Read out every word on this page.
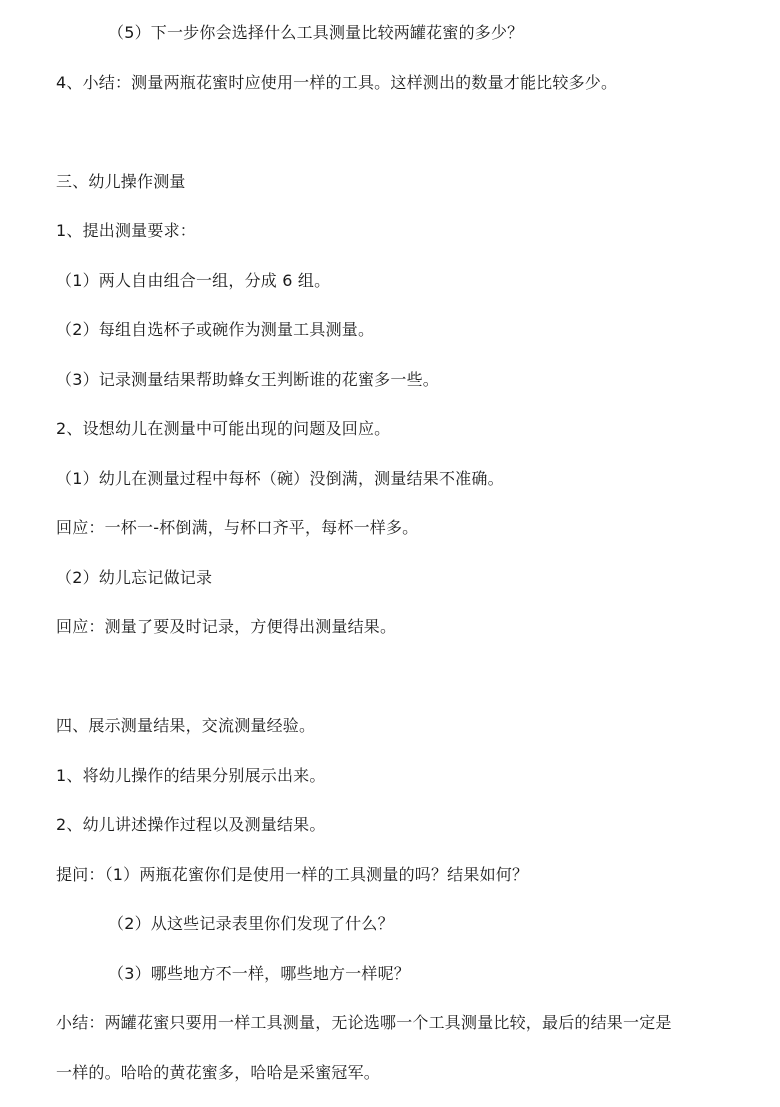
（5）下一步你会选择什么工具测量比较两罐花蜜的多少？
4、小结：测量两瓶花蜜时应使用一样的工具。这样测出的数量才能比较多少。
三、幼儿操作测量
1、提出测量要求：
（1）两人自由组合一组，分成 6 组。
（2）每组自选杯子或碗作为测量工具测量。
（3）记录测量结果帮助蜂女王判断谁的花蜜多一些。
2、设想幼儿在测量中可能出现的问题及回应。
（1）幼儿在测量过程中每杯（碗）没倒满，测量结果不准确。
回应：一杯一-杯倒满，与杯口齐平，每杯一样多。
（2）幼儿忘记做记录
回应：测量了要及时记录，方便得出测量结果。
四、展示测量结果，交流测量经验。
1、将幼儿操作的结果分别展示出来。
2、幼儿讲述操作过程以及测量结果。
提问：（1）两瓶花蜜你们是使用一样的工具测量的吗？结果如何？
（2）从这些记录表里你们发现了什么？
（3）哪些地方不一样，哪些地方一样呢？
小结：两罐花蜜只要用一样工具测量，无论选哪一个工具测量比较，最后的结果一定是
一样的。哈哈的黄花蜜多，哈哈是采蜜冠军。
